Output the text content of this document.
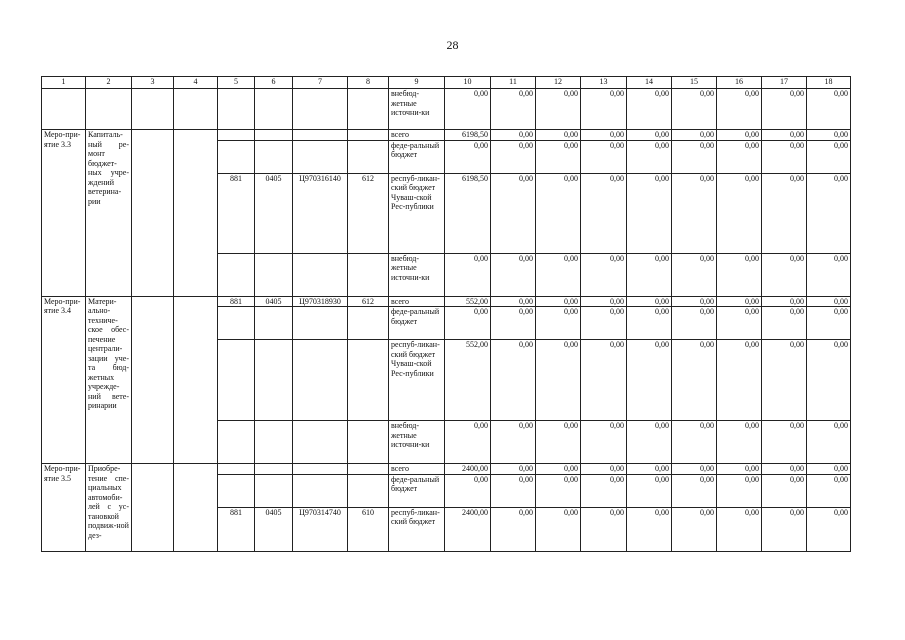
28
1	2	3	4	5	6	7	8	9	10	11	12	13	14	15	16	17	18
								внебюд-жетные источни-ки	0,00	0,00	0,00	0,00	0,00	0,00	0,00	0,00	0,00
Меро-при-ятие 3.3	Капиталь-ный ре-монт бюджет-ных учре-ждений ветерина-рии							всего	6198,50	0,00	0,00	0,00	0,00	0,00	0,00	0,00	0,00
								феде-ральный бюджет	0,00	0,00	0,00	0,00	0,00	0,00	0,00	0,00	0,00
				881	0405	Ц970316140	612	респуб-ликан-ский бюджет Чуваш-ской Рес-публики	6198,50	0,00	0,00	0,00	0,00	0,00	0,00	0,00	0,00
								внебюд-жетные источни-ки	0,00	0,00	0,00	0,00	0,00	0,00	0,00	0,00	0,00
Меро-при-ятие 3.4	Матери-ально-техниче-ское обес-печение централи-зации уче-та бюд-жетных учрежде-ний вете-ринарии			881	0405	Ц970318930	612	всего	552,00	0,00	0,00	0,00	0,00	0,00	0,00	0,00	0,00
								феде-ральный бюджет	0,00	0,00	0,00	0,00	0,00	0,00	0,00	0,00	0,00
								респуб-ликан-ский бюджет Чуваш-ской Рес-публики	552,00	0,00	0,00	0,00	0,00	0,00	0,00	0,00	0,00
								внебюд-жетные источни-ки	0,00	0,00	0,00	0,00	0,00	0,00	0,00	0,00	0,00
Меро-при-ятие 3.5	Приобре-тение спе-циальных автомоби-лей с ус-тановкой подвиж-ной дез-							всего	2400,00	0,00	0,00	0,00	0,00	0,00	0,00	0,00	0,00
								феде-ральный бюджет	0,00	0,00	0,00	0,00	0,00	0,00	0,00	0,00	0,00
				881	0405	Ц970314740	610	респуб-ликан-ский бюджет	2400,00	0,00	0,00	0,00	0,00	0,00	0,00	0,00	0,00
